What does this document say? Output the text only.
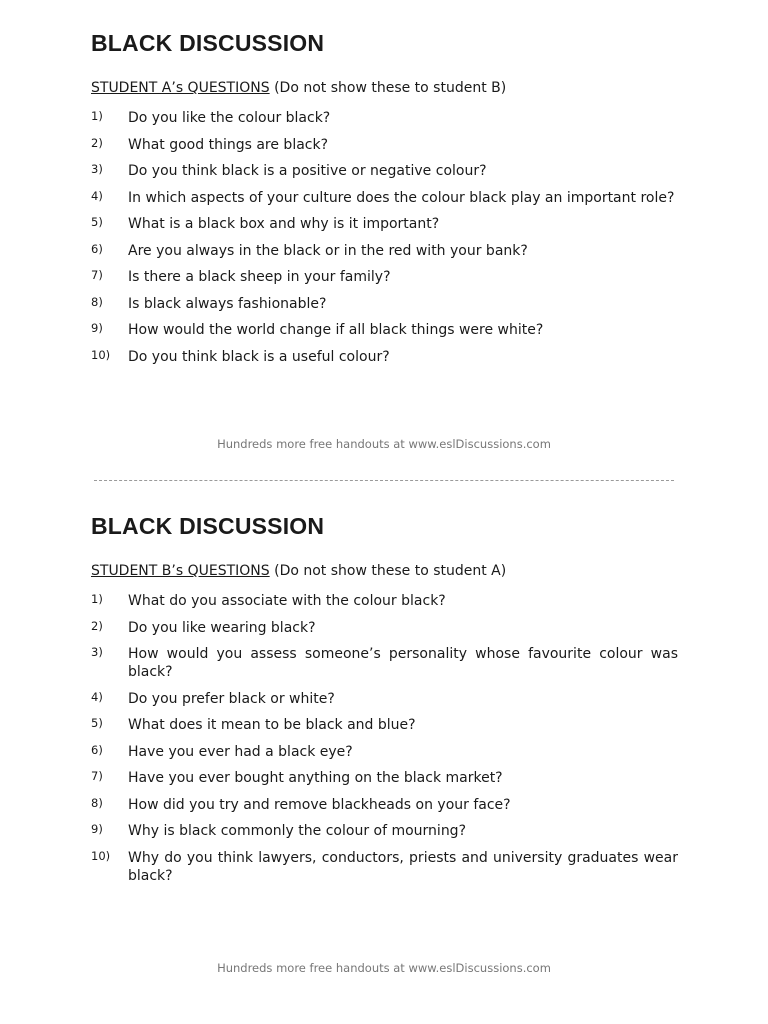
BLACK DISCUSSION
STUDENT A’s QUESTIONS (Do not show these to student B)
1)	Do you like the colour black?
2)	What good things are black?
3)	Do you think black is a positive or negative colour?
4)	In which aspects of your culture does the colour black play an important role?
5)	What is a black box and why is it important?
6)	Are you always in the black or in the red with your bank?
7)	Is there a black sheep in your family?
8)	Is black always fashionable?
9)	How would the world change if all black things were white?
10)	Do you think black is a useful colour?
Hundreds more free handouts at www.eslDiscussions.com
BLACK DISCUSSION
STUDENT B’s QUESTIONS (Do not show these to student A)
1)	What do you associate with the colour black?
2)	Do you like wearing black?
3)	How would you assess someone’s personality whose favourite colour was black?
4)	Do you prefer black or white?
5)	What does it mean to be black and blue?
6)	Have you ever had a black eye?
7)	Have you ever bought anything on the black market?
8)	How did you try and remove blackheads on your face?
9)	Why is black commonly the colour of mourning?
10)	Why do you think lawyers, conductors, priests and university graduates wear black?
Hundreds more free handouts at www.eslDiscussions.com
